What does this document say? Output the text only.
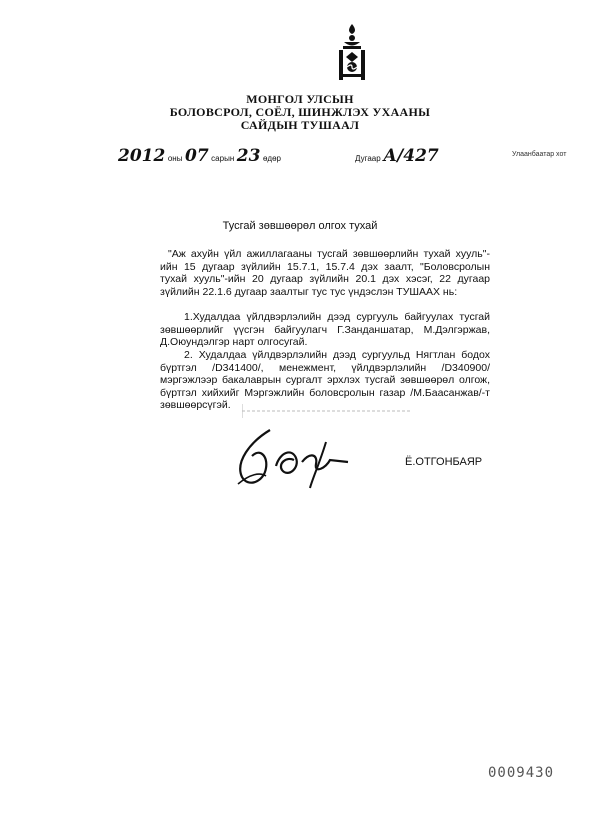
МОНГОЛ УЛСЫН
БОЛОВСРОЛ, СОЁЛ, ШИНЖЛЭХ УХААНЫ
САЙДЫН ТУШААЛ
2012 оны 07 сарын 23 өдөр	Дугаар А/427	Улаанбаатар хот
Тусгай зөвшөөрөл олгох тухай
"Аж ахуйн үйл ажиллагааны тусгай зөвшөөрлийн тухай хууль"-ийн 15 дугаар зүйлийн 15.7.1, 15.7.4 дэх заалт, "Боловсролын тухай хууль"-ийн 20 дугаар зүйлийн 20.1 дэх хэсэг, 22 дугаар зүйлийн 22.1.6 дугаар заалтыг тус тус үндэслэн ТУШААХ нь:
1.Худалдаа үйлдвэрлэлийн дээд сургууль байгуулах тусгай зөвшөөрлийг үүсгэн байгуулагч Г.Занданшатар, М.Дэлгэржав, Д.Оюундэлгэр нарт олгосугай.
2. Худалдаа үйлдвэрлэлийн дээд сургуульд Нягтлан бодох бүртгэл /D341400/, менежмент, үйлдвэрлэлийн /D340900/ мэргэжлээр бакалаврын сургалт эрхлэх тусгай зөвшөөрөл олгож, бүртгэл хийхийг Мэргэжлийн боловсролын газар /М.Баасанжав/-т зөвшөөрсүгэй.
Ё.ОТГОНБАЯР
0009430
